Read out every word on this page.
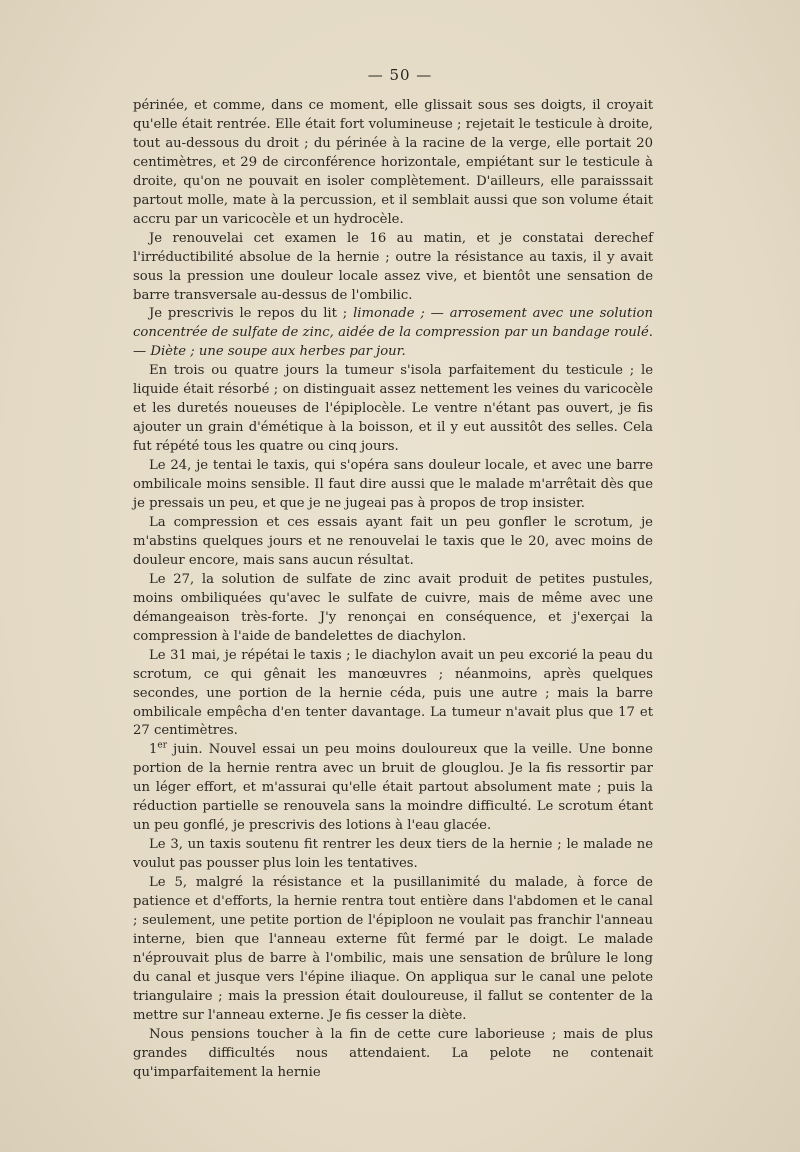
— 50 —

périnée, et comme, dans ce moment, elle glissait sous ses doigts, il croyait qu'elle était rentrée. Elle était fort volumineuse ; rejetait le testicule à droite, tout au-dessous du droit ; du périnée à la racine de la verge, elle portait 20 centimètres, et 29 de circonférence horizontale, empiétant sur le testicule à droite, qu'on ne pouvait en isoler complètement. D'ailleurs, elle paraisssait partout molle, mate à la percussion, et il semblait aussi que son volume était accru par un varicocèle et un hydrocèle.

Je renouvelai cet examen le 16 au matin, et je constatai derechef l'irréductibilité absolue de la hernie ; outre la résistance au taxis, il y avait sous la pression une douleur locale assez vive, et bientôt une sensation de barre transversale au-dessus de l'ombilic.

Je prescrivis le repos du lit ; limonade ; — arrosement avec une solution concentrée de sulfate de zinc, aidée de la compression par un bandage roulé. — Diète ; une soupe aux herbes par jour.

En trois ou quatre jours la tumeur s'isola parfaitement du testicule ; le liquide était résorbé ; on distinguait assez nettement les veines du varicocèle et les duretés noueuses de l'épiplocèle. Le ventre n'étant pas ouvert, je fis ajouter un grain d'émétique à la boisson, et il y eut aussitôt des selles. Cela fut répété tous les quatre ou cinq jours.

Le 24, je tentai le taxis, qui s'opéra sans douleur locale, et avec une barre ombilicale moins sensible. Il faut dire aussi que le malade m'arrêtait dès que je pressais un peu, et que je ne jugeai pas à propos de trop insister.

La compression et ces essais ayant fait un peu gonfler le scrotum, je m'abstins quelques jours et ne renouvelai le taxis que le 20, avec moins de douleur encore, mais sans aucun résultat.

Le 27, la solution de sulfate de zinc avait produit de petites pustules, moins ombiliquées qu'avec le sulfate de cuivre, mais de même avec une démangeaison très-forte. J'y renonçai en conséquence, et j'exerçai la compression à l'aide de bandelettes de diachylon.

Le 31 mai, je répétai le taxis ; le diachylon avait un peu excorié la peau du scrotum, ce qui gênait les manœuvres ; néanmoins, après quelques secondes, une portion de la hernie céda, puis une autre ; mais la barre ombilicale empêcha d'en tenter davantage. La tumeur n'avait plus que 17 et 27 centimètres.

1er juin. Nouvel essai un peu moins douloureux que la veille. Une bonne portion de la hernie rentra avec un bruit de glouglou. Je la fis ressortir par un léger effort, et m'assurai qu'elle était partout absolument mate ; puis la réduction partielle se renouvela sans la moindre difficulté. Le scrotum étant un peu gonflé, je prescrivis des lotions à l'eau glacée.

Le 3, un taxis soutenu fit rentrer les deux tiers de la hernie ; le malade ne voulut pas pousser plus loin les tentatives.

Le 5, malgré la résistance et la pusillanimité du malade, à force de patience et d'efforts, la hernie rentra tout entière dans l'abdomen et le canal ; seulement, une petite portion de l'épiploon ne voulait pas franchir l'anneau interne, bien que l'anneau externe fût fermé par le doigt. Le malade n'éprouvait plus de barre à l'ombilic, mais une sensation de brûlure le long du canal et jusque vers l'épine iliaque. On appliqua sur le canal une pelote triangulaire ; mais la pression était douloureuse, il fallut se contenter de la mettre sur l'anneau externe. Je fis cesser la diète.

Nous pensions toucher à la fin de cette cure laborieuse ; mais de plus grandes difficultés nous attendaient. La pelote ne contenait qu'imparfaitement la hernie
